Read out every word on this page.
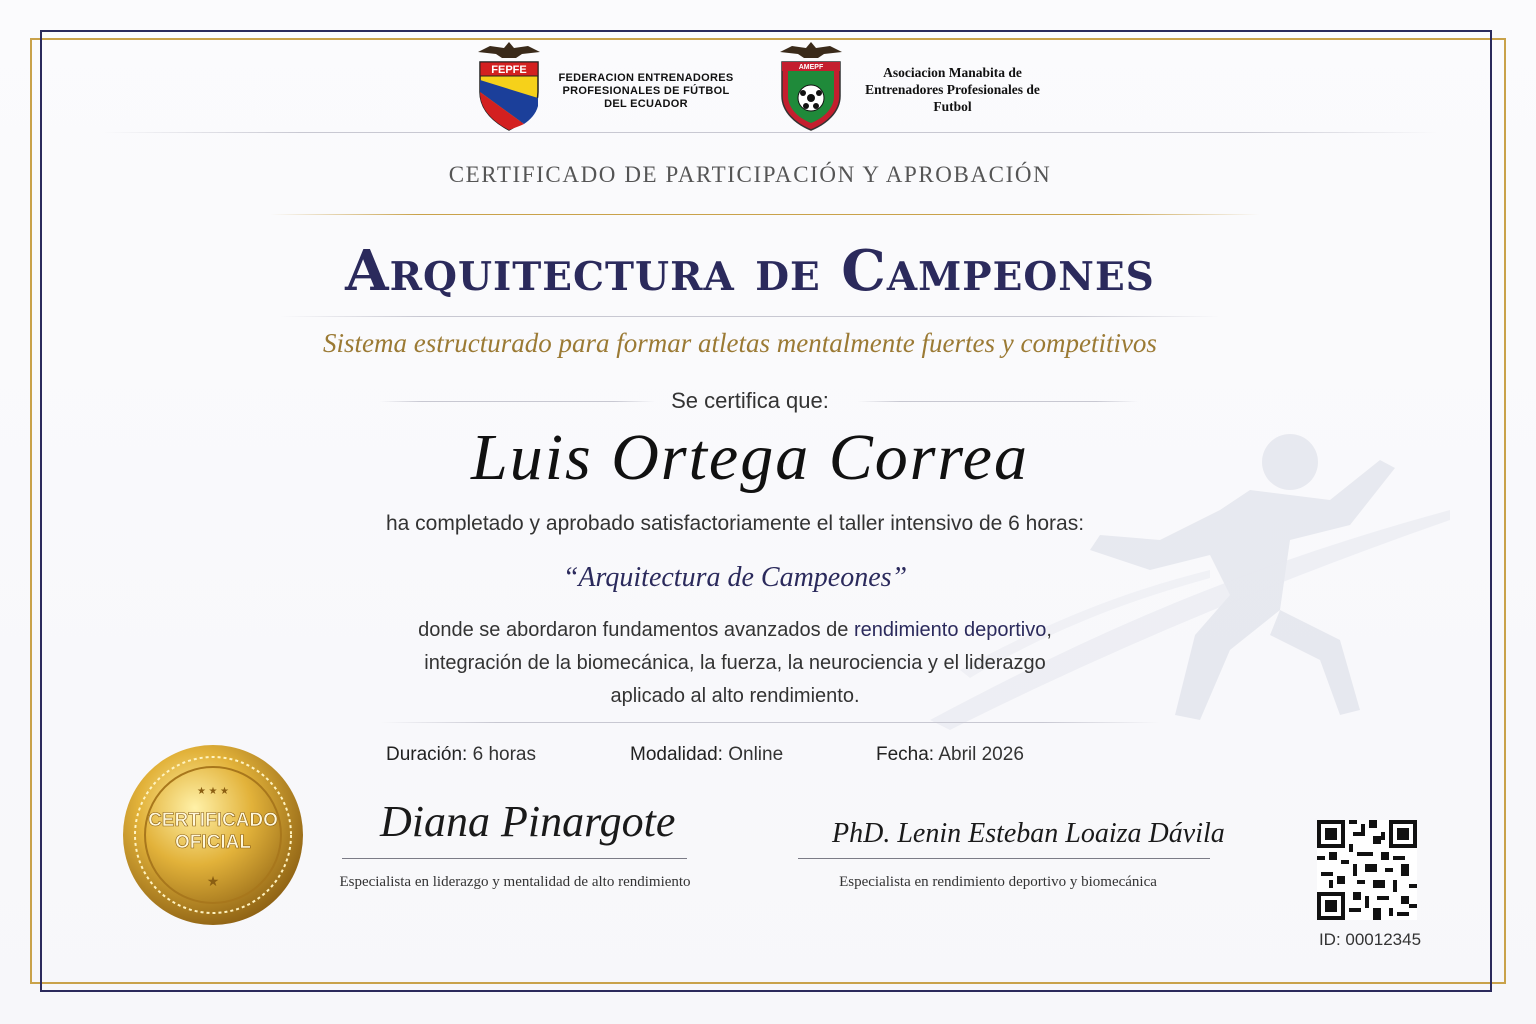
FEPFE
FEDERACION ENTRENADORES PROFESIONALES DE FÚTBOL DEL ECUADOR
AMEPF	Asociacion Manabita de Entrenadores Profesionales de Futbol
CERTIFICADO DE PARTICIPACIÓN Y APROBACIÓN
Arquitectura de Campeones
Sistema estructurado para formar atletas mentalmente fuertes y competitivos
Se certifica que:
Luis Ortega Correa
ha completado y aprobado satisfactoriamente el taller intensivo de 6 horas:
“Arquitectura de Campeones”
donde se abordaron fundamentos avanzados de rendimiento deportivo,
integración de la biomecánica, la fuerza, la neurociencia y el liderazgo
aplicado al alto rendimiento.
Duración: 6 horas	Modalidad: Online	Fecha: Abril 2026
CERTIFICADO
OFICIAL
★
★ ★ ★
Diana Pinargote
Especialista en liderazgo y mentalidad de alto rendimiento
PhD. Lenin Esteban Loaiza Dávila
Especialista en rendimiento deportivo y biomecánica
ID: 00012345
